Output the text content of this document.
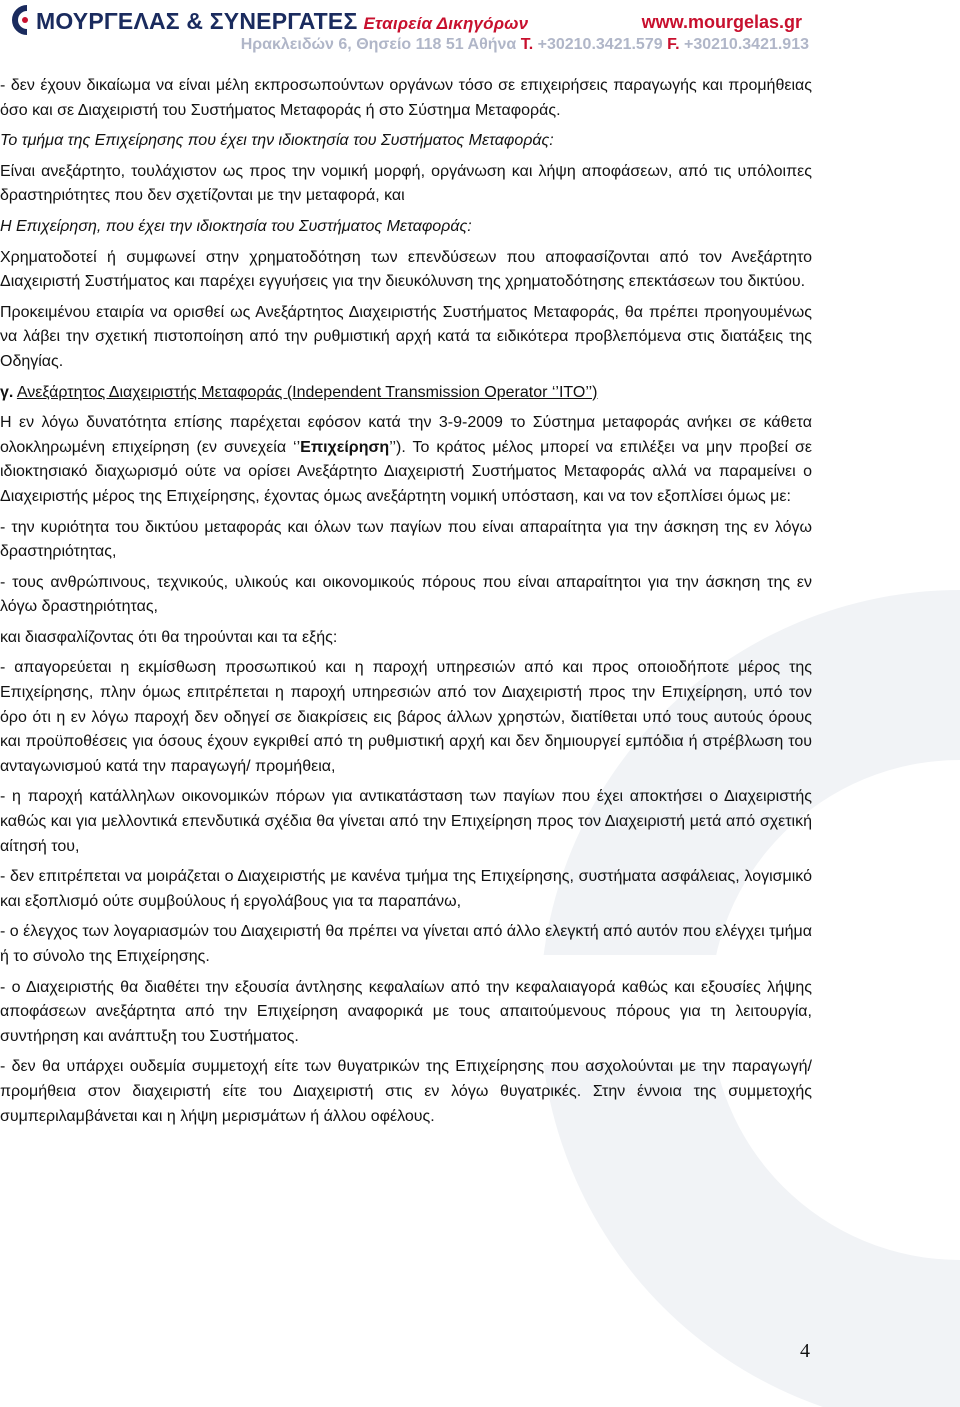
ΜΟΥΡΓΕΛΑΣ & ΣΥΝΕΡΓΑΤΕΣ Εταιρεία Δικηγόρων	www.mourgelas.gr
Ηρακλειδών 6, Θησείο 118 51 Αθήνα Τ. +30210.3421.579 F. +30210.3421.913

- δεν έχουν δικαίωμα να είναι μέλη εκπροσωπούντων οργάνων τόσο σε επιχειρήσεις παραγωγής και προμήθειας όσο και σε Διαχειριστή του Συστήματος Μεταφοράς ή στο Σύστημα Μεταφοράς.

Το τμήμα της Επιχείρησης που έχει την ιδιοκτησία του Συστήματος Μεταφοράς:

Είναι ανεξάρτητο, τουλάχιστον ως προς την νομική μορφή, οργάνωση και λήψη αποφάσεων, από τις υπόλοιπες δραστηριότητες που δεν σχετίζονται με την μεταφορά, και

Η Επιχείρηση, που έχει την ιδιοκτησία του Συστήματος Μεταφοράς:

Χρηματοδοτεί ή συμφωνεί στην χρηματοδότηση των επενδύσεων που αποφασίζονται από τον Ανεξάρτητο Διαχειριστή Συστήματος και παρέχει εγγυήσεις για την διευκόλυνση της χρηματοδότησης επεκτάσεων του δικτύου.

Προκειμένου εταιρία να ορισθεί ως Ανεξάρτητος Διαχειριστής Συστήματος Μεταφοράς, θα πρέπει προηγουμένως να λάβει την σχετική πιστοποίηση από την ρυθμιστική αρχή κατά τα ειδικότερα προβλεπόμενα στις διατάξεις της Οδηγίας.

γ. Ανεξάρτητος Διαχειριστής Μεταφοράς (Independent Transmission Operator ‘’ITO’’)

Η εν λόγω δυνατότητα επίσης παρέχεται εφόσον κατά την 3-9-2009 το Σύστημα μεταφοράς ανήκει σε κάθετα ολοκληρωμένη επιχείρηση (εν συνεχεία ‘’Επιχείρηση’’). Το κράτος μέλος μπορεί να επιλέξει να μην προβεί σε ιδιοκτησιακό διαχωρισμό ούτε να ορίσει Ανεξάρτητο Διαχειριστή Συστήματος Μεταφοράς αλλά να παραμείνει ο Διαχειριστής μέρος της Επιχείρησης, έχοντας όμως ανεξάρτητη νομική υπόσταση, και να τον εξοπλίσει όμως με:

- την κυριότητα του δικτύου μεταφοράς και όλων των παγίων που είναι απαραίτητα για την άσκηση της εν λόγω δραστηριότητας,

- τους ανθρώπινους, τεχνικούς, υλικούς και οικονομικούς πόρους που είναι απαραίτητοι για την άσκηση της εν λόγω δραστηριότητας,

και διασφαλίζοντας ότι θα τηρούνται και τα εξής:

- απαγορεύεται η εκμίσθωση προσωπικού και η παροχή υπηρεσιών από και προς οποιοδήποτε μέρος της Επιχείρησης, πλην όμως επιτρέπεται η παροχή υπηρεσιών από τον Διαχειριστή προς την Επιχείρηση, υπό τον όρο ότι η εν λόγω παροχή δεν οδηγεί σε διακρίσεις εις βάρος άλλων χρηστών, διατίθεται υπό τους αυτούς όρους και προϋποθέσεις για όσους έχουν εγκριθεί από τη ρυθμιστική αρχή και δεν δημιουργεί εμπόδια ή στρέβλωση του ανταγωνισμού κατά την παραγωγή/ προμήθεια,

- η παροχή κατάλληλων οικονομικών πόρων για αντικατάσταση των παγίων που έχει αποκτήσει ο Διαχειριστής καθώς και για μελλοντικά επενδυτικά σχέδια θα γίνεται από την Επιχείρηση προς τον Διαχειριστή μετά από σχετική αίτησή του,

- δεν επιτρέπεται να μοιράζεται ο Διαχειριστής με κανένα τμήμα της Επιχείρησης, συστήματα ασφάλειας, λογισμικό και εξοπλισμό ούτε συμβούλους ή εργολάβους για τα παραπάνω,

- ο έλεγχος των λογαριασμών του Διαχειριστή θα πρέπει να γίνεται από άλλο ελεγκτή από αυτόν που ελέγχει τμήμα ή το σύνολο της Επιχείρησης.

- ο Διαχειριστής θα διαθέτει την εξουσία άντλησης κεφαλαίων από την κεφαλαιαγορά καθώς και εξουσίες λήψης αποφάσεων ανεξάρτητα από την Επιχείρηση αναφορικά με τους απαιτούμενους πόρους για τη λειτουργία, συντήρηση και ανάπτυξη του Συστήματος.

- δεν θα υπάρχει ουδεμία συμμετοχή είτε των θυγατρικών της Επιχείρησης που ασχολούνται με την παραγωγή/ προμήθεια στον διαχειριστή είτε του Διαχειριστή στις εν λόγω θυγατρικές. Στην έννοια της συμμετοχής συμπεριλαμβάνεται και η λήψη μερισμάτων ή άλλου οφέλους.

4
